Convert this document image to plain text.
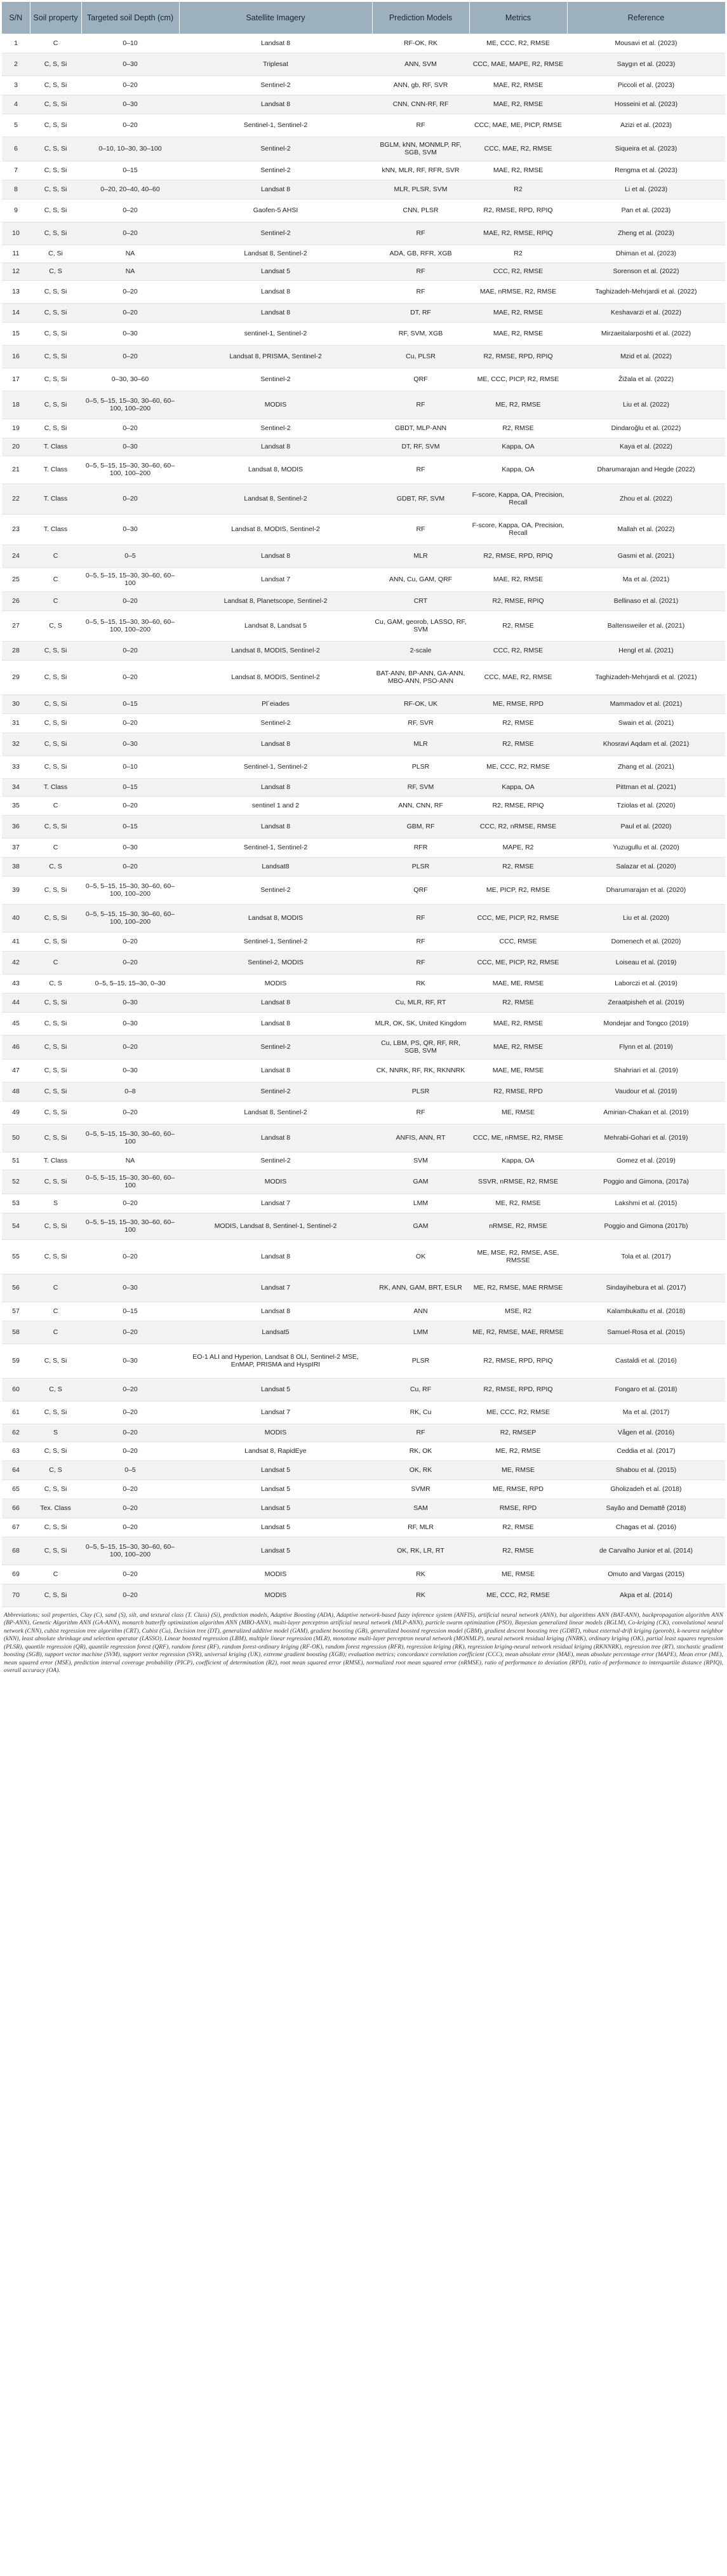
S/N	Soil property	Targeted soil Depth (cm)	Satellite Imagery	Prediction Models	Metrics	Reference
1	C	0–10	Landsat 8	RF-OK, RK	ME, CCC, R2, RMSE	Mousavi et al. (2023)
2	C, S, Si	0–30	Triplesat	ANN, SVM	CCC, MAE, MAPE, R2, RMSE	Saygın et al. (2023)
3	C, S, Si	0–20	Sentinel-2	ANN, gb, RF, SVR	MAE, R2, RMSE	Piccoli et al. (2023)
4	C, S, Si	0–30	Landsat 8	CNN, CNN-RF, RF	MAE, R2, RMSE	Hosseini et al. (2023)
5	C, S, Si	0–20	Sentinel-1, Sentinel-2	RF	CCC, MAE, ME, PICP, RMSE	Azizi et al. (2023)
6	C, S, Si	0–10, 10–30, 30–100	Sentinel-2	BGLM, kNN, MONMLP, RF, SGB, SVM	CCC, MAE, R2, RMSE	Siqueira et al. (2023)
7	C, S, Si	0–15	Sentinel-2	kNN, MLR, RF, RFR, SVR	MAE, R2, RMSE	Rengma et al. (2023)
8	C, S, Si	0–20, 20–40, 40–60	Landsat 8	MLR, PLSR, SVM	R2	Li et al. (2023)
9	C, S, Si	0–20	Gaofen-5 AHSI	CNN, PLSR	R2, RMSE, RPD, RPIQ	Pan et al. (2023)
10	C, S, Si	0–20	Sentinel-2	RF	MAE, R2, RMSE, RPIQ	Zheng et al. (2023)
11	C, Si	NA	Landsat 8, Sentinel-2	ADA, GB, RFR, XGB	R2	Dhiman et al. (2023)
12	C, S	NA	Landsat 5	RF	CCC, R2, RMSE	Sorenson et al. (2022)
13	C, S, Si	0–20	Landsat 8	RF	MAE, nRMSE, R2, RMSE	Taghizadeh-Mehrjardi et al. (2022)
14	C, S, Si	0–20	Landsat 8	DT, RF	MAE, R2, RMSE	Keshavarzi et al. (2022)
15	C, S, Si	0–30	sentinel-1, Sentinel-2	RF, SVM, XGB	MAE, R2, RMSE	Mirzaeitalarposhti et al. (2022)
16	C, S, Si	0–20	Landsat 8, PRISMA, Sentinel-2	Cu, PLSR	R2, RMSE, RPD, RPIQ	Mzid et al. (2022)
17	C, S, Si	0–30, 30–60	Sentinel-2	QRF	ME, CCC, PICP, R2, RMSE	Žižala et al. (2022)
18	C, S, Si	0–5, 5–15, 15–30, 30–60, 60–100, 100–200	MODIS	RF	ME, R2, RMSE	Liu et al. (2022)
19	C, S, Si	0–20	Sentinel-2	GBDT, MLP-ANN	R2, RMSE	Dindaroğlu et al. (2022)
20	T. Class	0–30	Landsat 8	DT, RF, SVM	Kappa, OA	Kaya et al. (2022)
21	T. Class	0–5, 5–15, 15–30, 30–60, 60–100, 100–200	Landsat 8, MODIS	RF	Kappa, OA	Dharumarajan and Hegde (2022)
22	T. Class	0–20	Landsat 8, Sentinel-2	GDBT, RF, SVM	F-score, Kappa, OA, Precision, Recall	Zhou et al. (2022)
23	T. Class	0–30	Landsat 8, MODIS, Sentinel-2	RF	F-score, Kappa, OA, Precision, Recall	Mallah et al. (2022)
24	C	0–5	Landsat 8	MLR	R2, RMSE, RPD, RPIQ	Gasmi et al. (2021)
25	C	0–5, 5–15, 15–30, 30–60, 60–100	Landsat 7	ANN, Cu, GAM, QRF	MAE, R2, RMSE	Ma et al. (2021)
26	C	0–20	Landsat 8, Planetscope, Sentinel-2	CRT	R2, RMSE, RPIQ	Bellinaso et al. (2021)
27	C, S	0–5, 5–15, 15–30, 30–60, 60–100, 100–200	Landsat 8, Landsat 5	Cu, GAM, georob, LASSO, RF, SVM	R2, RMSE	Baltensweiler et al. (2021)
28	C, S, Si	0–20	Landsat 8, MODIS, Sentinel-2	2-scale	CCC, R2, RMSE	Hengl et al. (2021)
29	C, S, Si	0–20	Landsat 8, MODIS, Sentinel-2	BAT-ANN, BP-ANN, GA-ANN, MBO-ANN, PSO-ANN	CCC, MAE, R2, RMSE	Taghizadeh-Mehrjardi et al. (2021)
30	C, S, Si	0–15	Pl´eiades	RF-OK, UK	ME, RMSE, RPD	Mammadov et al. (2021)
31	C, S, Si	0–20	Sentinel-2	RF, SVR	R2, RMSE	Swain et al. (2021)
32	C, S, Si	0–30	Landsat 8	MLR	R2, RMSE	Khosravi Aqdam et al. (2021)
33	C, S, Si	0–10	Sentinel-1, Sentinel-2	PLSR	ME, CCC, R2, RMSE	Zhang et al. (2021)
34	T. Class	0–15	Landsat 8	RF, SVM	Kappa, OA	Pittman et al. (2021)
35	C	0–20	sentinel 1 and 2	ANN, CNN, RF	R2, RMSE, RPIQ	Tziolas et al. (2020)
36	C, S, Si	0–15	Landsat 8	GBM, RF	CCC, R2, nRMSE, RMSE	Paul et al. (2020)
37	C	0–30	Sentinel-1, Sentinel-2	RFR	MAPE, R2	Yuzugullu et al. (2020)
38	C, S	0–20	Landsat8	PLSR	R2, RMSE	Salazar et al. (2020)
39	C, S, Si	0–5, 5–15, 15–30, 30–60, 60–100, 100–200	Sentinel-2	QRF	ME, PICP, R2, RMSE	Dharumarajan et al. (2020)
40	C, S, Si	0–5, 5–15, 15–30, 30–60, 60–100, 100–200	Landsat 8, MODIS	RF	CCC, ME, PICP, R2, RMSE	Liu et al. (2020)
41	C, S, Si	0–20	Sentinel-1, Sentinel-2	RF	CCC, RMSE	Domenech et al. (2020)
42	C	0–20	Sentinel-2, MODIS	RF	CCC, ME, PICP, R2, RMSE	Loiseau et al. (2019)
43	C, S	0–5, 5–15, 15–30, 0–30	MODIS	RK	MAE, ME, RMSE	Laborczi et al. (2019)
44	C, S, Si	0–30	Landsat 8	Cu, MLR, RF, RT	R2, RMSE	Zeraatpisheh et al. (2019)
45	C, S, Si	0–30	Landsat 8	MLR, OK, SK, United Kingdom	MAE, R2, RMSE	Mondejar and Tongco (2019)
46	C, S, Si	0–20	Sentinel-2	Cu, LBM, PS, QR, RF, RR, SGB, SVM	MAE, R2, RMSE	Flynn et al. (2019)
47	C, S, Si	0–30	Landsat 8	CK, NNRK, RF, RK, RKNNRK	MAE, ME, RMSE	Shahriari et al. (2019)
48	C, S, Si	0–8	Sentinel-2	PLSR	R2, RMSE, RPD	Vaudour et al. (2019)
49	C, S, Si	0–20	Landsat 8, Sentinel-2	RF	ME, RMSE	Amirian-Chakan et al. (2019)
50	C, S, Si	0–5, 5–15, 15–30, 30–60, 60–100	Landsat 8	ANFIS, ANN, RT	CCC, ME, nRMSE, R2, RMSE	Mehrabi-Gohari et al. (2019)
51	T. Class	NA	Sentinel-2	SVM	Kappa, OA	Gomez et al. (2019)
52	C, S, Si	0–5, 5–15, 15–30, 30–60, 60–100	MODIS	GAM	SSVR, nRMSE, R2, RMSE	Poggio and Gimona, (2017a)
53	S	0–20	Landsat 7	LMM	ME, R2, RMSE	Lakshmi et al. (2015)
54	C, S, Si	0–5, 5–15, 15–30, 30–60, 60–100	MODIS, Landsat 8, Sentinel-1, Sentinel-2	GAM	nRMSE, R2, RMSE	Poggio and Gimona (2017b)
55	C, S, Si	0–20	Landsat 8	OK	ME, MSE, R2, RMSE, ASE, RMSSE	Tola et al. (2017)
56	C	0–30	Landsat 7	RK, ANN, GAM, BRT, ESLR	ME, R2, RMSE, MAE RRMSE	Sindayihebura et al. (2017)
57	C	0–15	Landsat 8	ANN	MSE, R2	Kalambukattu et al. (2018)
58	C	0–20	Landsat5	LMM	ME, R2, RMSE, MAE, RRMSE	Samuel-Rosa et al. (2015)
59	C, S, Si	0–30	EO-1 ALI and Hyperion, Landsat 8 OLI, Sentinel-2 MSE, EnMAP, PRISMA and HyspIRI	PLSR	R2, RMSE, RPD, RPIQ	Castaldi et al. (2016)
60	C, S	0–20	Landsat 5	Cu, RF	R2, RMSE, RPD, RPIQ	Fongaro et al. (2018)
61	C, S, Si	0–20	Landsat 7	RK, Cu	ME, CCC, R2, RMSE	Ma et al. (2017)
62	S	0–20	MODIS	RF	R2, RMSEP	Vågen et al. (2016)
63	C, S, Si	0–20	Landsat 8, RapidEye	RK, OK	ME, R2, RMSE	Ceddia et al. (2017)
64	C, S	0–5	Landsat 5	OK, RK	ME, RMSE	Shabou et al. (2015)
65	C, S, Si	0–20	Landsat 5	SVMR	ME, RMSE, RPD	Gholizadeh et al. (2018)
66	Tex. Class	0–20	Landsat 5	SAM	RMSE, RPD	Sayão and Demattê (2018)
67	C, S, Si	0–20	Landsat 5	RF, MLR	R2, RMSE	Chagas et al. (2016)
68	C, S, Si	0–5, 5–15, 15–30, 30–60, 60–100, 100–200	Landsat 5	OK, RK, LR, RT	R2, RMSE	de Carvalho Junior et al. (2014)
69	C	0–20	MODIS	RK	ME, RMSE	Omuto and Vargas (2015)
70	C, S, Si	0–20	MODIS	RK	ME, CCC, R2, RMSE	Akpa et al. (2014)
Abbreviations; soil properties, Clay (C), sand (S), silt, and textural class (T. Class) (Si), prediction models, Adaptive Boosting (ADA), Adaptive network-based fuzzy inference system (ANFIS), artificial neural network (ANN), bat algorithms ANN (BAT-ANN), backpropagation algorithm ANN (BP-ANN), Genetic Algorithm ANN (GA-ANN), monarch butterfly optimization algorithm ANN (MBO-ANN), multi-layer perceptron artificial neural network (MLP-ANN), particle swarm optimization (PSO), Bayesian generalized linear models (BGLM), Co-kriging (CK), convolutional neural network (CNN), cubist regression tree algorithm (CRT), Cubist (Cu), Decision tree (DT), generalized additive model (GAM), gradient boosting (GB), generalized boosted regression model (GBM), gradient descent boosting tree (GDBT), robust external-drift kriging (georob), k-nearest neighbor (kNN), least absolute shrinkage and selection operator (LASSO), Linear boosted regression (LBM), multiple linear regression (MLR), monotone multi-layer perceptron neural network (MONMLP), neural network residual kriging (NNRK), ordinary kriging (OK), partial least squares regression (PLSR), quantile regression (QR), quantile regression forest (QRF), random forest (RF), random forest-ordinary kriging (RF-OK), random forest regression (RFR), regression kriging (RK), regression kriging-neural network residual kriging (RKNNRK), regression tree (RT), stochastic gradient boosting (SGB), support vector machine (SVM), support vector regression (SVR), universal kriging (UK), extreme gradient boosting (XGB); evaluation metrics; concordance correlation coefficient (CCC), mean absolute error (MAE), mean absolute percentage error (MAPE), Mean error (ME), mean squared error (MSE), prediction interval coverage probability (PICP), coefficient of determination (R2), root mean squared error (RMSE), normalized root mean squared error (nRMSE), ratio of performance to deviation (RPD), ratio of performance to interquartile distance (RPIQ), overall accuracy (OA).
